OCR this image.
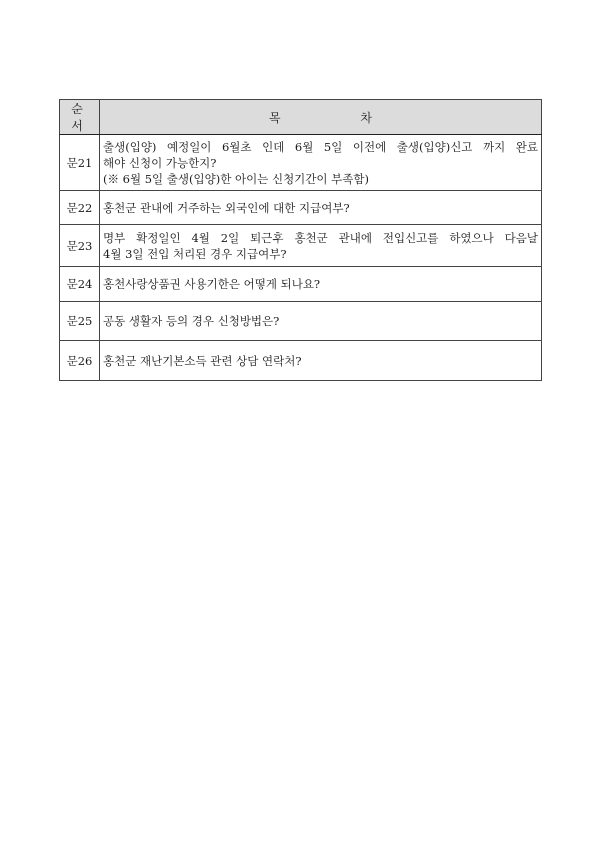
순 서	목 차
문21	출생(입양) 예정일이 6월초 인데 6월 5일 이전에 출생(입양)신고 까지 완료
해야 신청이 가능한지?
(※ 6월 5일 출생(입양)한 아이는 신청기간이 부족함)

문22	홍천군 관내에 거주하는 외국인에 대한 지급여부?

문23	명부 확정일인 4월 2일 퇴근후 홍천군 관내에 전입신고를 하였으나 다음날
4월 3일 전입 처리된 경우 지급여부?

문24	홍천사랑상품권 사용기한은 어떻게 되나요?

문25	공동 생활자 등의 경우 신청방법은?

문26	홍천군 재난기본소득 관련 상담 연락처?
